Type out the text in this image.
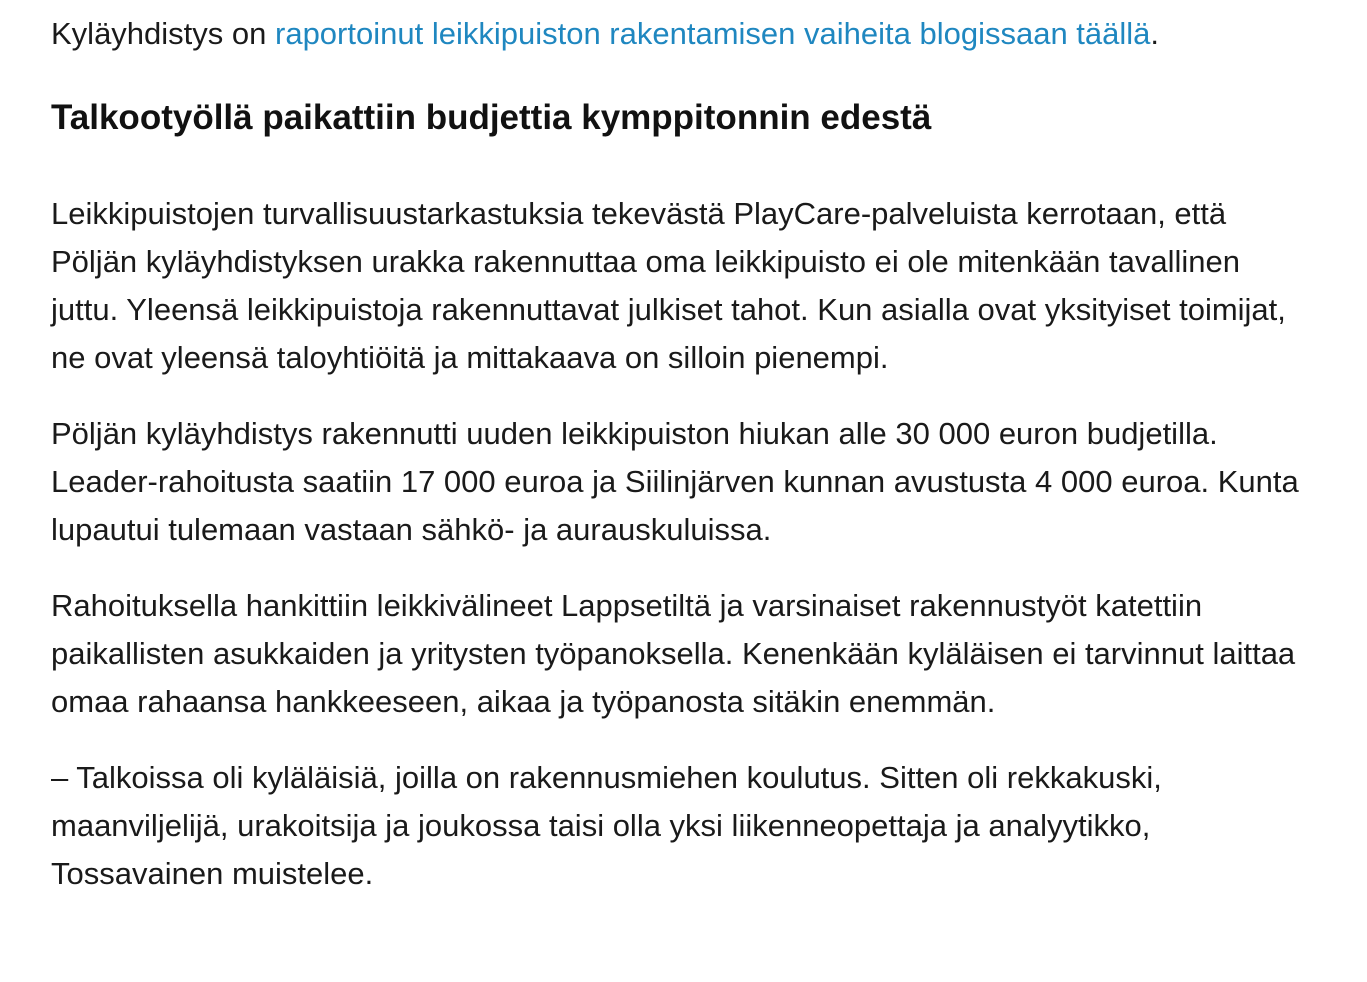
Kyläyhdistys on raportoinut leikkipuiston rakentamisen vaiheita blogissaan täällä.

Talkootyöllä paikattiin budjettia kymppitonnin edestä

Leikkipuistojen turvallisuustarkastuksia tekevästä PlayCare-palveluista kerrotaan, että Pöljän kyläyhdistyksen urakka rakennuttaa oma leikkipuisto ei ole mitenkään tavallinen juttu. Yleensä leikkipuistoja rakennuttavat julkiset tahot. Kun asialla ovat yksityiset toimijat, ne ovat yleensä taloyhtiöitä ja mittakaava on silloin pienempi.

Pöljän kyläyhdistys rakennutti uuden leikkipuiston hiukan alle 30 000 euron budjetilla. Leader-rahoitusta saatiin 17 000 euroa ja Siilinjärven kunnan avustusta 4 000 euroa. Kunta lupautui tulemaan vastaan sähkö- ja aurauskuluissa.

Rahoituksella hankittiin leikkivälineet Lappsetiltä ja varsinaiset rakennustyöt katettiin paikallisten asukkaiden ja yritysten työpanoksella. Kenenkään kyläläisen ei tarvinnut laittaa omaa rahaansa hankkeeseen, aikaa ja työpanosta sitäkin enemmän.

– Talkoissa oli kyläläisiä, joilla on rakennusmiehen koulutus. Sitten oli rekkakuski, maanviljelijä, urakoitsija ja joukossa taisi olla yksi liikenneopettaja ja analyytikko, Tossavainen muistelee.
